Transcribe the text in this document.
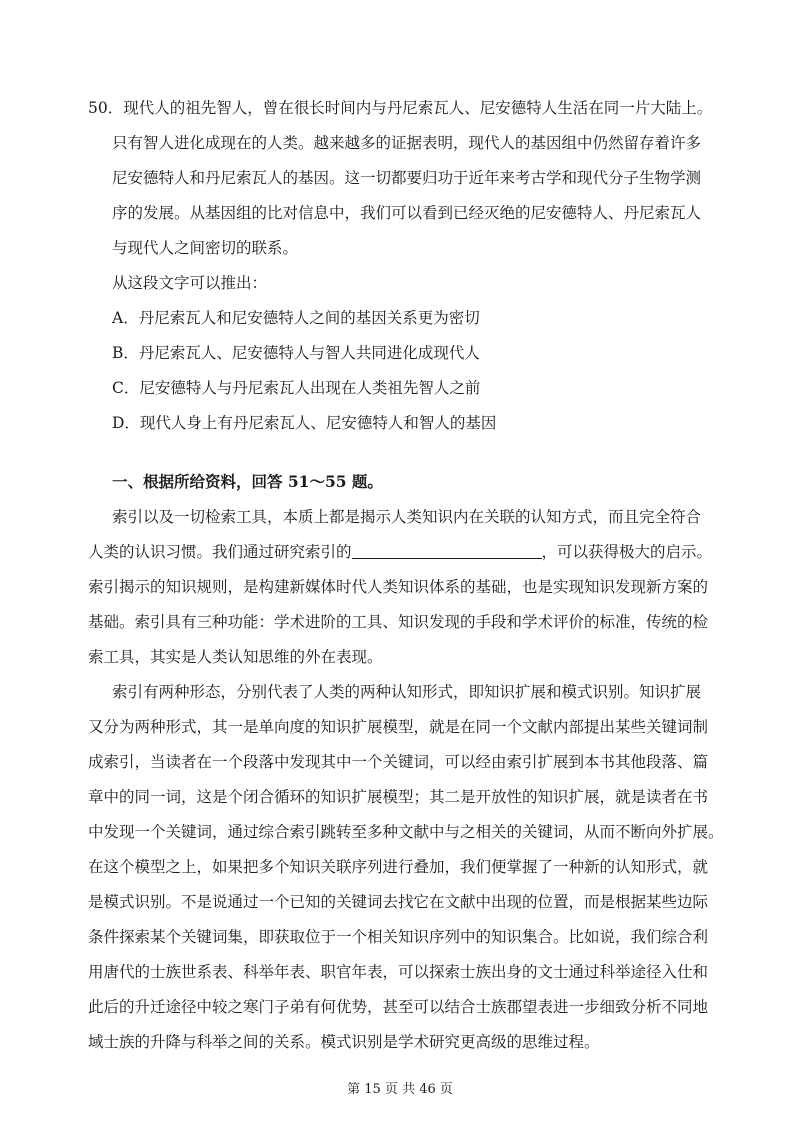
50．现代人的祖先智人，曾在很长时间内与丹尼索瓦人、尼安德特人生活在同一片大陆上。
只有智人进化成现在的人类。越来越多的证据表明，现代人的基因组中仍然留存着许多
尼安德特人和丹尼索瓦人的基因。这一切都要归功于近年来考古学和现代分子生物学测
序的发展。从基因组的比对信息中，我们可以看到已经灭绝的尼安德特人、丹尼索瓦人
与现代人之间密切的联系。
从这段文字可以推出：
A．丹尼索瓦人和尼安德特人之间的基因关系更为密切
B．丹尼索瓦人、尼安德特人与智人共同进化成现代人
C．尼安德特人与丹尼索瓦人出现在人类祖先智人之前
D．现代人身上有丹尼索瓦人、尼安德特人和智人的基因
一、根据所给资料，回答 51～55 题。
索引以及一切检索工具，本质上都是揭示人类知识内在关联的认知方式，而且完全符合
人类的认识习惯。我们通过研究索引的	，可以获得极大的启示。
索引揭示的知识规则，是构建新媒体时代人类知识体系的基础，也是实现知识发现新方案的
基础。索引具有三种功能：学术进阶的工具、知识发现的手段和学术评价的标准，传统的检
索工具，其实是人类认知思维的外在表现。
索引有两种形态，分别代表了人类的两种认知形式，即知识扩展和模式识别。知识扩展
又分为两种形式，其一是单向度的知识扩展模型，就是在同一个文献内部提出某些关键词制
成索引，当读者在一个段落中发现其中一个关键词，可以经由索引扩展到本书其他段落、篇
章中的同一词，这是个闭合循环的知识扩展模型；其二是开放性的知识扩展，就是读者在书
中发现一个关键词，通过综合索引跳转至多种文献中与之相关的关键词，从而不断向外扩展。
在这个模型之上，如果把多个知识关联序列进行叠加，我们便掌握了一种新的认知形式，就
是模式识别。不是说通过一个已知的关键词去找它在文献中出现的位置，而是根据某些边际
条件探索某个关键词集，即获取位于一个相关知识序列中的知识集合。比如说，我们综合利
用唐代的士族世系表、科举年表、职官年表，可以探索士族出身的文士通过科举途径入仕和
此后的升迁途径中较之寒门子弟有何优势，甚至可以结合士族郡望表进一步细致分析不同地
域士族的升降与科举之间的关系。模式识别是学术研究更高级的思维过程。
第 15 页 共 46 页
